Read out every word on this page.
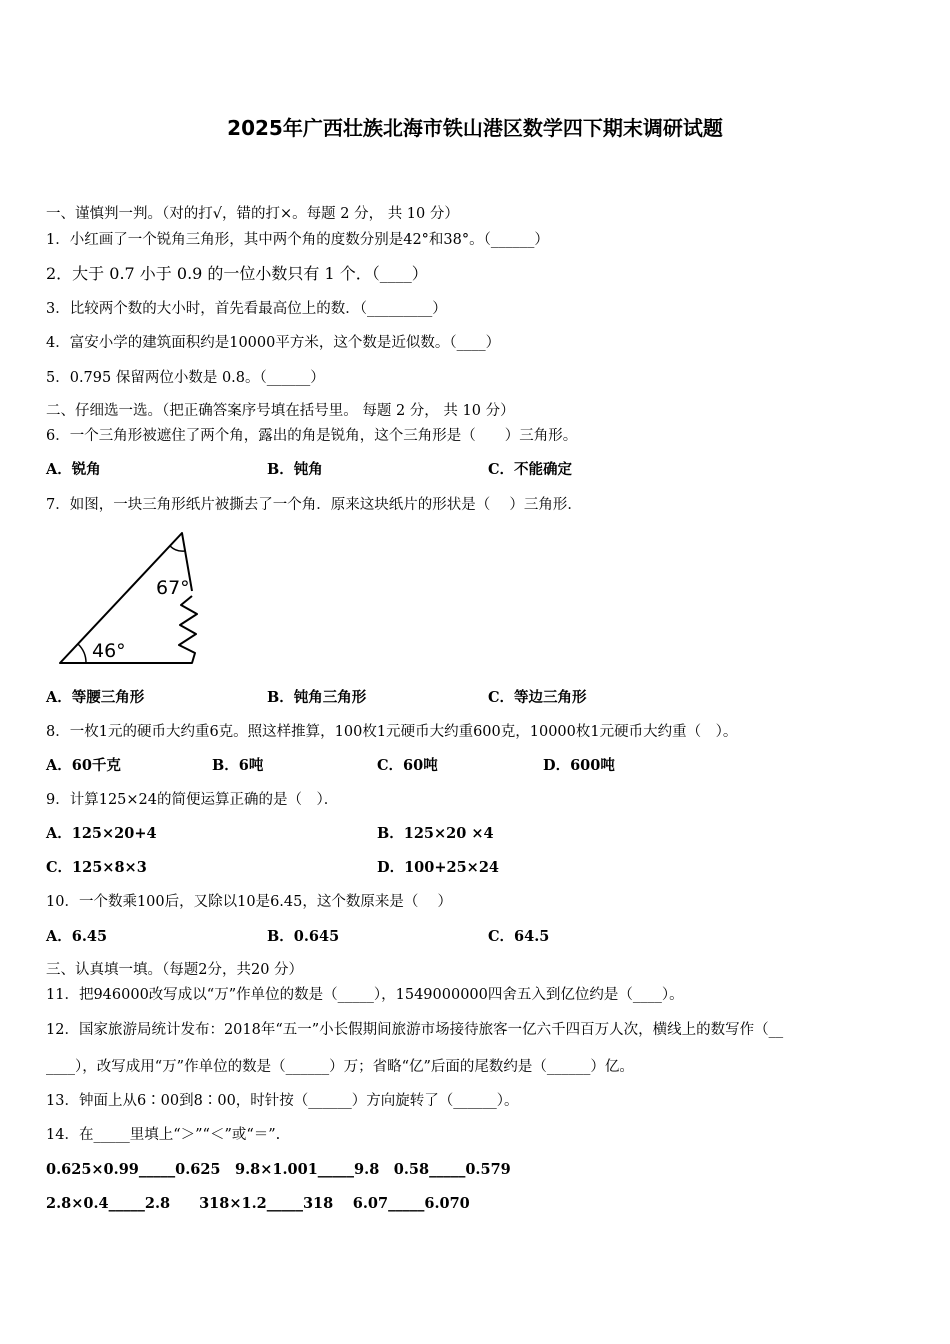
2025年广西壮族北海市铁山港区数学四下期末调研试题
一、谨慎判一判。（对的打√，错的打×。每题 2 分， 共 10 分）
1．小红画了一个锐角三角形，其中两个角的度数分别是42°和38°。（______）
2．大于 0.7 小于 0.9 的一位小数只有 1 个．（____）
3．比较两个数的大小时，首先看最高位上的数．（_________）
4．富安小学的建筑面积约是10000平方米，这个数是近似数。（____）
5．0.795 保留两位小数是 0.8。（______）
二、仔细选一选。（把正确答案序号填在括号里。 每题 2 分， 共 10 分）
6．一个三角形被遮住了两个角，露出的角是锐角，这个三角形是（　　）三角形。
A．锐角	B．钝角	C．不能确定
7．如图，一块三角形纸片被撕去了一个角．原来这块纸片的形状是（　 ）三角形．
67°
46°
A．等腰三角形	B．钝角三角形	C．等边三角形
8．一枚1元的硬币大约重6克。照这样推算，100枚1元硬币大约重600克，10000枚1元硬币大约重（　）。
A．60千克	B．6吨	C．60吨	D．600吨
9．计算125×24的简便运算正确的是（　）．
A．125×20+4	B．125×20 ×4
C．125×8×3	D．100+25×24
10．一个数乘100后，又除以10是6.45，这个数原来是（　 ）
A．6.45	B．0.645	C．64.5
三、认真填一填。（每题2分，共20 分）
11．把946000改写成以“万”作单位的数是（_____），1549000000四舍五入到亿位约是（____）。
12．国家旅游局统计发布：2018年“五一”小长假期间旅游市场接待旅客一亿六千四百万人次，横线上的数写作（__
____），改写成用“万”作单位的数是（______）万；省略“亿”后面的尾数约是（______）亿。
13．钟面上从6∶00到8∶00，时针按（______）方向旋转了（______）。
14．在_____里填上“＞”“＜”或“＝”.
0.625×0.99_____0.625　9.8×1.001_____9.8　0.58_____0.579
2.8×0.4_____2.8　　318×1.2_____318　 6.07_____6.070
